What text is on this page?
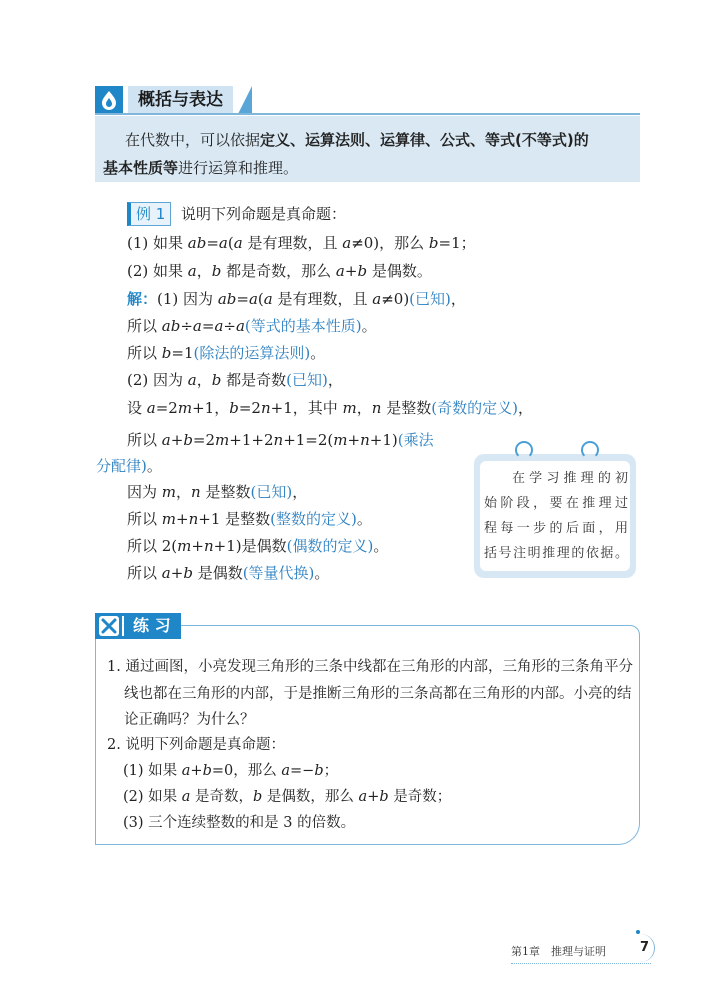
概括与表达

在代数中，可以依据定义、运算法则、运算律、公式、等式(不等式)的

基本性质等进行运算和推理。

例 1	说明下列命题是真命题：
(1) 如果 ab=a(a 是有理数，且 a≠0)，那么 b=1；
(2) 如果 a，b 都是奇数，那么 a+b 是偶数。
解：(1) 因为 ab=a(a 是有理数，且 a≠0)(已知)，
所以 ab÷a=a÷a(等式的基本性质)。
所以 b=1(除法的运算法则)。
(2) 因为 a，b 都是奇数(已知)，
设 a=2m+1，b=2n+1，其中 m，n 是整数(奇数的定义)，
所以 a+b=2m+1+2n+1=2(m+n+1)(乘法
分配律)。
因为 m，n 是整数(已知)，
所以 m+n+1 是整数(整数的定义)。
所以 2(m+n+1)是偶数(偶数的定义)。
所以 a+b 是偶数(等量代换)。
在学习推理的初
始阶段，要在推理过
程每一步的后面，用
括号注明推理的依据。
练 习
1. 通过画图，小亮发现三角形的三条中线都在三角形的内部，三角形的三条角平分
线也都在三角形的内部，于是推断三角形的三条高都在三角形的内部。小亮的结
论正确吗？为什么？
2. 说明下列命题是真命题：
(1) 如果 a+b=0，那么 a=−b；
(2) 如果 a 是奇数，b 是偶数，那么 a+b 是奇数；
(3) 三个连续整数的和是 3 的倍数。
第1章　推理与证明	7
